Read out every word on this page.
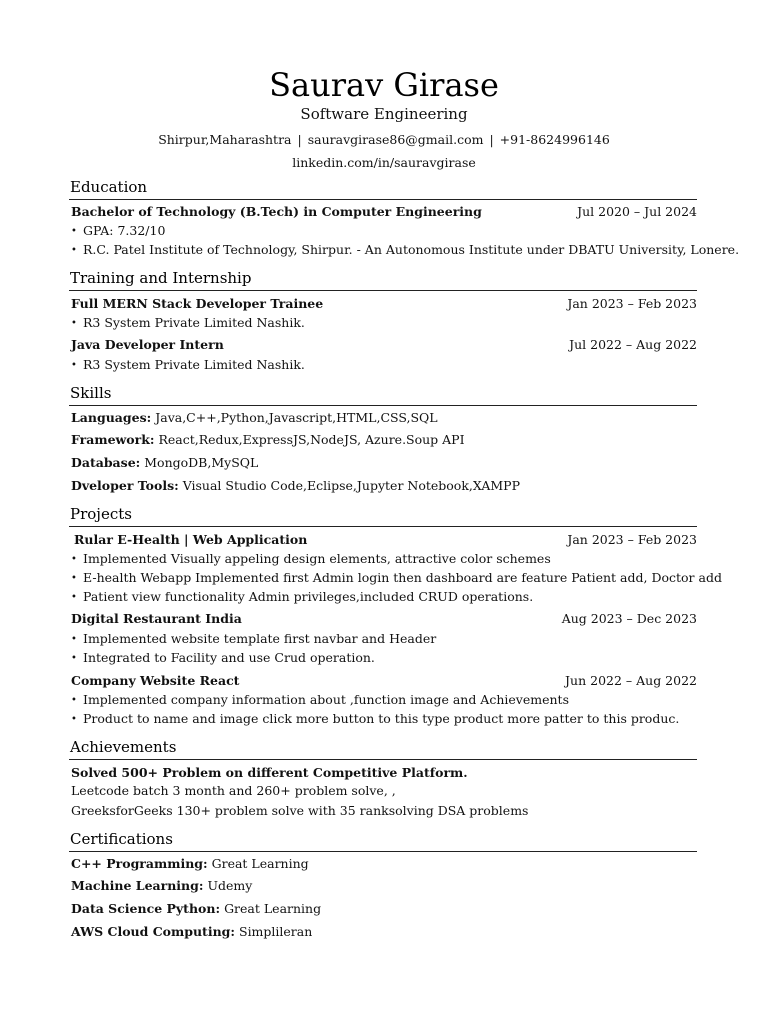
Saurav Girase
Software Engineering
Shirpur,Maharashtra | sauravgirase86@gmail.com | +91-8624996146
linkedin.com/in/sauravgirase
Education
Bachelor of Technology (B.Tech) in Computer Engineering	Jul 2020 – Jul 2024
• GPA: 7.32/10
• R.C. Patel Institute of Technology, Shirpur. - An Autonomous Institute under DBATU University, Lonere.
Training and Internship
Full MERN Stack Developer Trainee	Jan 2023 – Feb 2023
• R3 System Private Limited Nashik.
Java Developer Intern	Jul 2022 – Aug 2022
• R3 System Private Limited Nashik.
Skills
Languages: Java,C++,Python,Javascript,HTML,CSS,SQL
Framework: React,Redux,ExpressJS,NodeJS, Azure.Soup API
Database: MongoDB,MySQL
Dveloper Tools: Visual Studio Code,Eclipse,Jupyter Notebook,XAMPP
Projects
Rular E-Health | Web Application	Jan 2023 – Feb 2023
• Implemented Visually appeling design elements, attractive color schemes
• E-health Webapp Implemented first Admin login then dashboard are feature Patient add, Doctor add
• Patient view functionality Admin privileges,included CRUD operations.
Digital Restaurant India	Aug 2023 – Dec 2023
• Implemented website template first navbar and Header
• Integrated to Facility and use Crud operation.
Company Website React	Jun 2022 – Aug 2022
• Implemented company information about ,function image and Achievements
• Product to name and image click more button to this type product more patter to this produc.
Achievements
Solved 500+ Problem on different Competitive Platform.
Leetcode batch 3 month and 260+ problem solve, ,
GreeksforGeeks 130+ problem solve with 35 ranksolving DSA problems
Certifications
C++ Programming: Great Learning
Machine Learning: Udemy
Data Science Python: Great Learning
AWS Cloud Computing: Simplileran
